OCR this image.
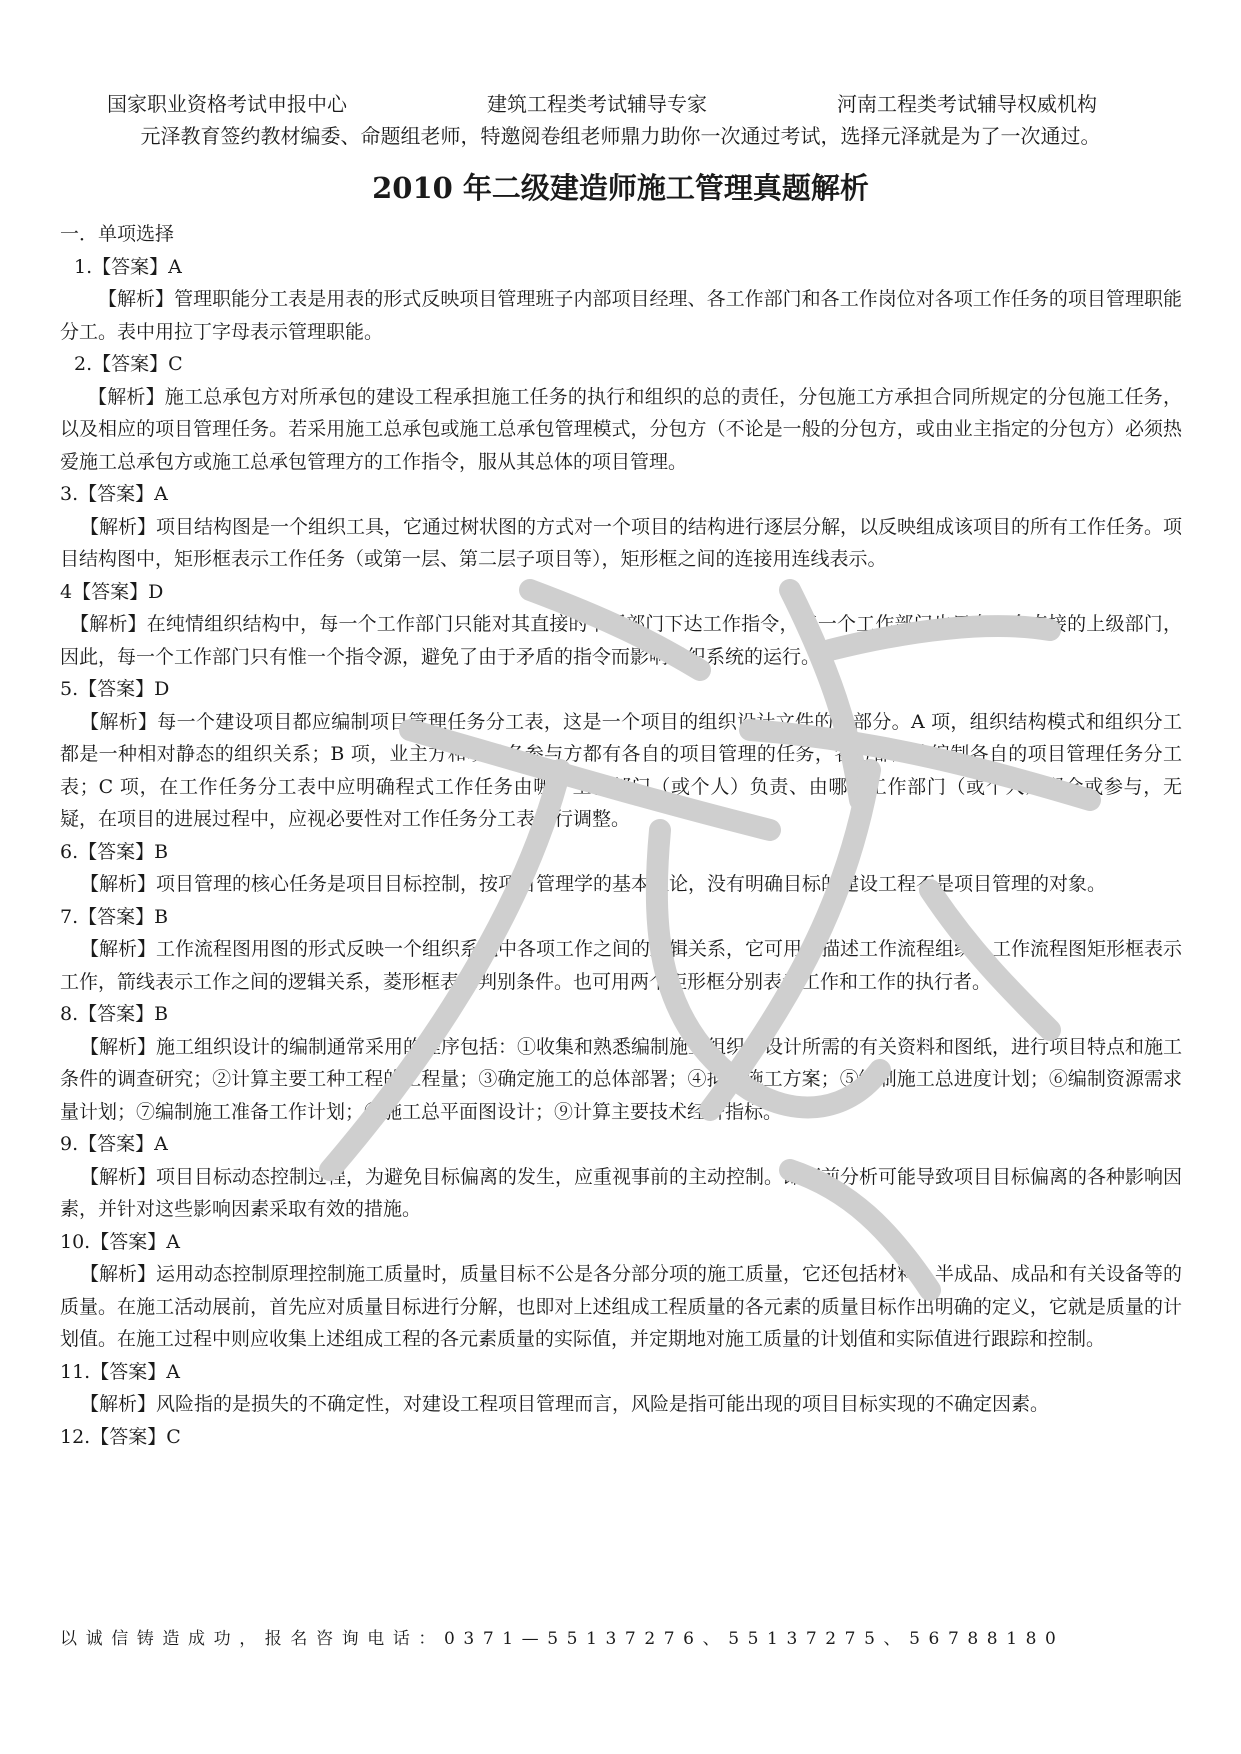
国家职业资格考试申报中心	建筑工程类考试辅导专家	河南工程类考试辅导权威机构
元泽教育签约教材编委、命题组老师，特邀阅卷组老师鼎力助你一次通过考试，选择元泽就是为了一次通过。
2010 年二级建造师施工管理真题解析

一．单项选择

1.【答案】A

【解析】管理职能分工表是用表的形式反映项目管理班子内部项目经理、各工作部门和各工作岗位对各项工作任务的项目管理职能分工。表中用拉丁字母表示管理职能。

2.【答案】C

【解析】施工总承包方对所承包的建设工程承担施工任务的执行和组织的总的责任，分包施工方承担合同所规定的分包施工任务，以及相应的项目管理任务。若采用施工总承包或施工总承包管理模式，分包方（不论是一般的分包方，或由业主指定的分包方）必须热爱施工总承包方或施工总承包管理方的工作指令，服从其总体的项目管理。

3.【答案】A

【解析】项目结构图是一个组织工具，它通过树状图的方式对一个项目的结构进行逐层分解，以反映组成该项目的所有工作任务。项目结构图中，矩形框表示工作任务（或第一层、第二层子项目等），矩形框之间的连接用连线表示。

4【答案】D

【解析】在纯情组织结构中，每一个工作部门只能对其直接的下属部门下达工作指令，每一个工作部门也只有一个直接的上级部门，因此，每一个工作部门只有惟一个指令源，避免了由于矛盾的指令而影响组织系统的运行。

5.【答案】D

【解析】每一个建设项目都应编制项目管理任务分工表，这是一个项目的组织设计文件的一部分。A 项，组织结构模式和组织分工都是一种相对静态的组织关系；B 项，业主方和项目各参与方都有各自的项目管理的任务，各方都应该编制各自的项目管理任务分工表；C 项，在工作任务分工表中应明确程式工作任务由哪个工作部门（或个人）负责、由哪些工作部门（或个人）配合或参与，无疑，在项目的进展过程中，应视必要性对工作任务分工表进行调整。

6.【答案】B

【解析】项目管理的核心任务是项目目标控制，按项目管理学的基本理论，没有明确目标的建设工程不是项目管理的对象。

7.【答案】B

【解析】工作流程图用图的形式反映一个组织系统中各项工作之间的逻辑关系，它可用以描述工作流程组织。工作流程图矩形框表示工作，箭线表示工作之间的逻辑关系，菱形框表示判别条件。也可用两个矩形框分别表示工作和工作的执行者。

8.【答案】B

【解析】施工组织设计的编制通常采用的程序包括：①收集和熟悉编制施工组织总设计所需的有关资料和图纸，进行项目特点和施工条件的调查研究；②计算主要工种工程的工程量；③确定施工的总体部署；④拟订施工方案；⑤编制施工总进度计划；⑥编制资源需求量计划；⑦编制施工准备工作计划；⑧施工总平面图设计；⑨计算主要技术经济指标。

9.【答案】A

【解析】项目目标动态控制过程，为避免目标偏离的发生，应重视事前的主动控制。即事前分析可能导致项目目标偏离的各种影响因素，并针对这些影响因素采取有效的措施。

10.【答案】A

【解析】运用动态控制原理控制施工质量时，质量目标不公是各分部分项的施工质量，它还包括材料、半成品、成品和有关设备等的质量。在施工活动展前，首先应对质量目标进行分解，也即对上述组成工程质量的各元素的质量目标作出明确的定义，它就是质量的计划值。在施工过程中则应收集上述组成工程的各元素质量的实际值，并定期地对施工质量的计划值和实际值进行跟踪和控制。

11.【答案】A

【解析】风险指的是损失的不确定性，对建设工程项目管理而言，风险是指可能出现的项目目标实现的不确定因素。

12.【答案】C

以诚信铸造成功，报名咨询电话：0371—55137276、55137275、56788180
